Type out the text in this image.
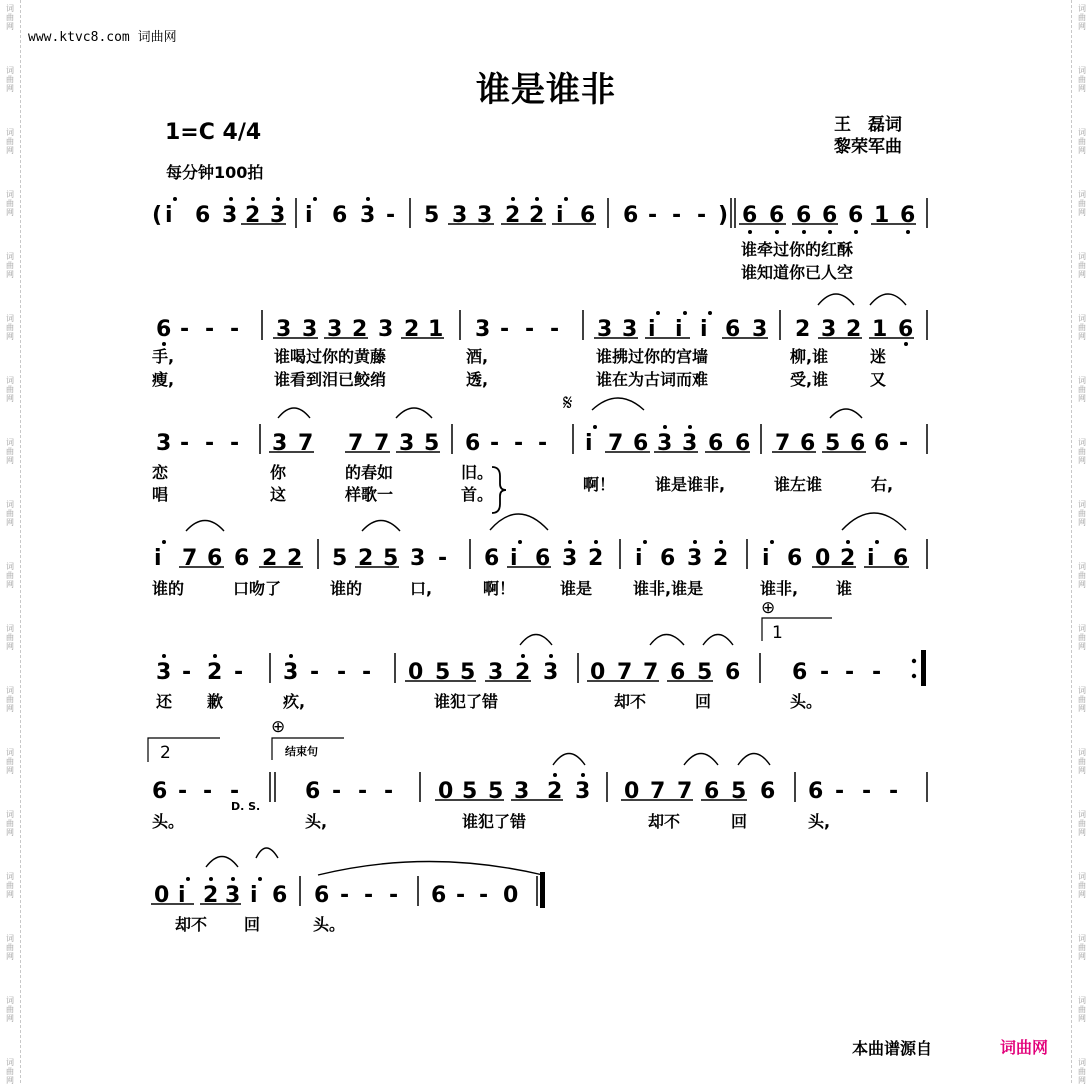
词
曲
网
词
曲
网
词
曲
网
词
曲
网
词
曲
网
词
曲
网
词
曲
网
词
曲
网
词
曲
网
词
曲
网
词
曲
网
词
曲
网
词
曲
网
词
曲
网
词
曲
网
词
曲
网
词
曲
网
词
曲
网
词
曲
网
词
曲
网
词
曲
网
词
曲
网
词
曲
网
词
曲
网
词
曲
网
词
曲
网
词
曲
网
词
曲
网
词
曲
网
词
曲
网
词
曲
网
词
曲
网
词
曲
网
词
曲
网
词
曲
网
词
曲
网
www.ktvc8.com 词曲网
谁是谁非
1=C 4/4
每分钟100拍
王　磊词
黎荣军曲
( i 6 3 2 3 i 6 3 - 5 3 3 2 2 i 6 6 - - - ) 6 6 6 6 6 1 6
6 - - - 3 3 3 2 3 2 1 3 - - - 3 3 i i i 6 3 2 3 2 1 6
3 - - - 3 7 7 7 3 5 6 - - - i 7 6 3 3 6 6 7 6 5 6 6 -
i 7 6 6 2 2 5 2 5 3 - 6 i 6 3 2 i 6 3 2 i 6 0 2 i 6
3 - 2 - 3 - - - 0 5 5 3 2 3 0 7 7 6 5 6 6 - - -
6 - - -	6 - - - 0 5 5 3 2 3 0 7 7 6 5 6 6 - - -
0 i 2 3 i 6 6 - - - 6 - - 0
谁牵过你的红酥
谁知道你已人空
手,	谁喝过你的黄藤	酒,	谁拂过你的宫墙	柳,谁	迷
瘦,	谁看到泪已鲛绡	透,	谁在为古词而难	受,谁	又
恋	你	的春如	旧。
唱	这	样歌一	首。
啊！ 谁是谁非,	谁左谁	右,
谁的	口吻了	谁的	口,	啊！	谁是	谁非,谁是	谁非, 谁
还 歉	疚,	谁犯了错	却不	回	头。
头。	头,	谁犯了错	却不	回	头,
却不 回	头。
𝄋
⊕
⊕
1
2	结束句
D. S.
本曲谱源自	词曲网
